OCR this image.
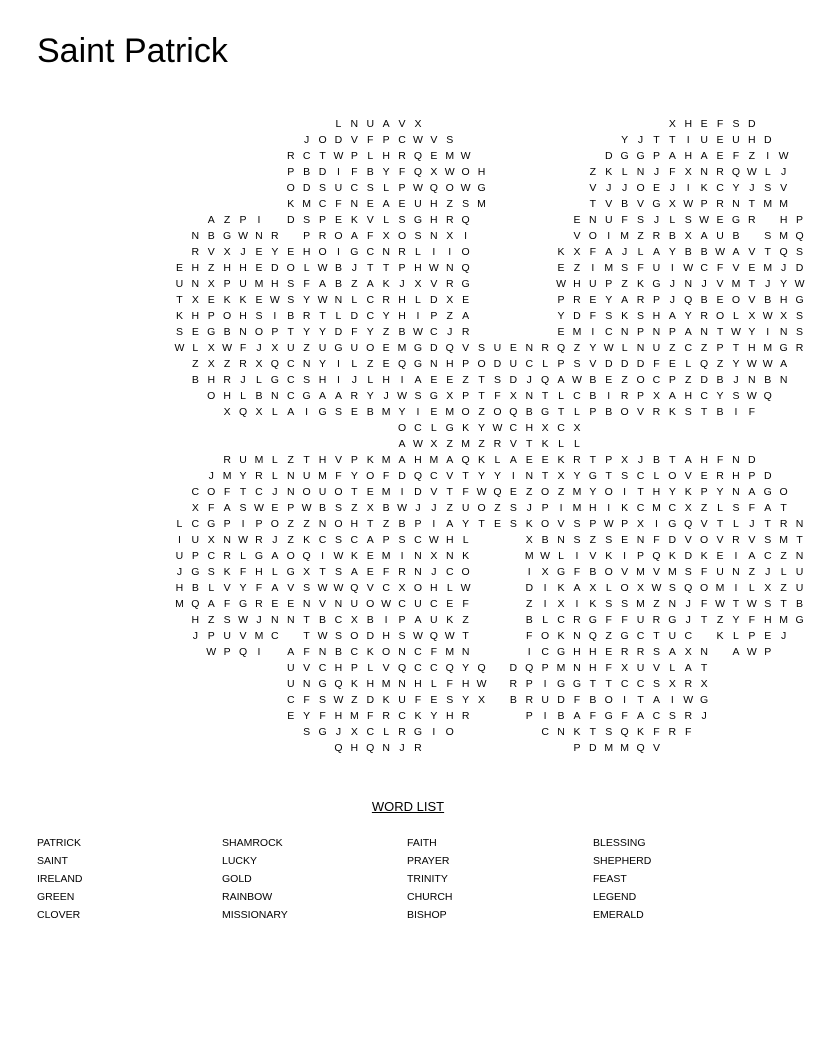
Saint Patrick
L N U A V X	X H E F S D
J O D V F P C W V S	Y J T T	I	U E U H D
R C T W P L H R Q E M W	D G G P A H A E F Z	I W
P B D	I	F B Y F Q X W O H	Z K L N J F X N R Q W L J
O D S U C S L P W Q O W G	V J	J O E J	I	K C Y J S V
K M C F N E A E U H Z S M	T V B V G X W P R N T M M
A Z P	I	D S P E K V L S G H R Q	E N U F S J L S W E G R	H P
N B G W N R	P R O A F X O S N X	I	V O I M Z R B X A U B	S M Q
R V X J E Y E H O I G C N R L	I	I O	K X F A J L A Y B B W A V T Q S
E H Z H H E D O L W B J T T P H W N Q	E Z	I M S F U	I W C F V E M J D
U N X P U M H S F A B Z A K J X V R G	W H U P Z K G J N J V M T J Y W
T X E K K E W S Y W N L C R H L D X E	P R E Y A R P J Q B E O V B H G
K H P O H S	I	B R T L D C Y H	I	P Z A	Y D F S K S H A Y R O L X W X S
S E G B N O P T Y Y D F Y Z B W C J R	E M I	C N P N P A N T W Y	I	N S
W L X W F J X U Z U G U O E M G D Q V S U E N R Q Z Y W L N U Z C Z P T H M G R
Z X Z R X Q C N Y	I	L Z E Q G N H P O D U C L P S V D D D F E L Q Z Y W W A
B H R J L G C S H	I	J L H	I	A E E Z T S D J Q A W B E Z O C P Z D B J N B N
O H L B N C G A A R Y J W S G X P T F X N T L C B	I	R P X A H C Y S W Q
X Q X L A	I G S E B M Y	I	E M O Z O Q B G T L P B O V R K S T B	I	F
O C L G K Y W C H X C X
A W X Z M Z R V T K L L
R U M L Z T H V P K M A H M A Q K L A E E K R T P X J B T A H F N D
J M Y R L N U M F Y O F D Q C V T Y Y	I	N T X Y G T S C L O V E R H P D
C O F T C J N O U O T E M I	D V T F W Q E Z O Z M Y O I	T H Y K P Y N A G O
X F A S W E P W B S Z X B W J	J Z U O Z S J P	I M H	I	K C M C X Z L S F A T
L C G P	I	P O Z Z N O H T Z B P	I	A Y T E S K O V S P W P X	I G Q V T L J T R N
I	U X N W R J Z K C S C A P S C W H L	X B N S Z S E N F D V O V R V S M T
U P C R L G A O Q I W K E M I	N X N K	M W L	I	V K	I	P Q K D K E	I	A C Z N
J G S K F H L G X T S A E F R N J C O	I	X G F B O V M V M S F U N Z J L U
H B L V Y F A V S W W Q V C X O H L W	D	I	K A X L O X W S Q O M I	L X Z U
M Q A F G R E E N V N U O W C U C E F	Z	I	X	I	K S S M Z N J F W T W S T B
H Z S W J N N T B C X B	I	P A U K Z	B L C R G F F U R G J T Z Y F H M G
J P U V M C	T W S O D H S W Q W T	F O K N Q Z G C T U C	K L P E J
W P Q I	A F N B C K O N C F M N	I	C G H H E R R S A X N	A W P
U V C H P L V Q C C Q Y Q	D Q P M N H F X U V L A T
U N G Q K H M N H L F H W	R P	I G G T T C C S X R X
C F S W Z D K U F E S Y X	B R U D F B O I	T A	I W G
E Y F H M F R C K Y H R	P	I	B A F G F A C S R J
S G J X C L R G I O	C N K T S Q K F R F
Q H Q N J R	P D M M Q V
WORD LIST
PATRICK	SHAMROCK	FAITH	BLESSING
SAINT	LUCKY	PRAYER	SHEPHERD
IRELAND	GOLD	TRINITY	FEAST
GREEN	RAINBOW	CHURCH	LEGEND
CLOVER	MISSIONARY	BISHOP	EMERALD
